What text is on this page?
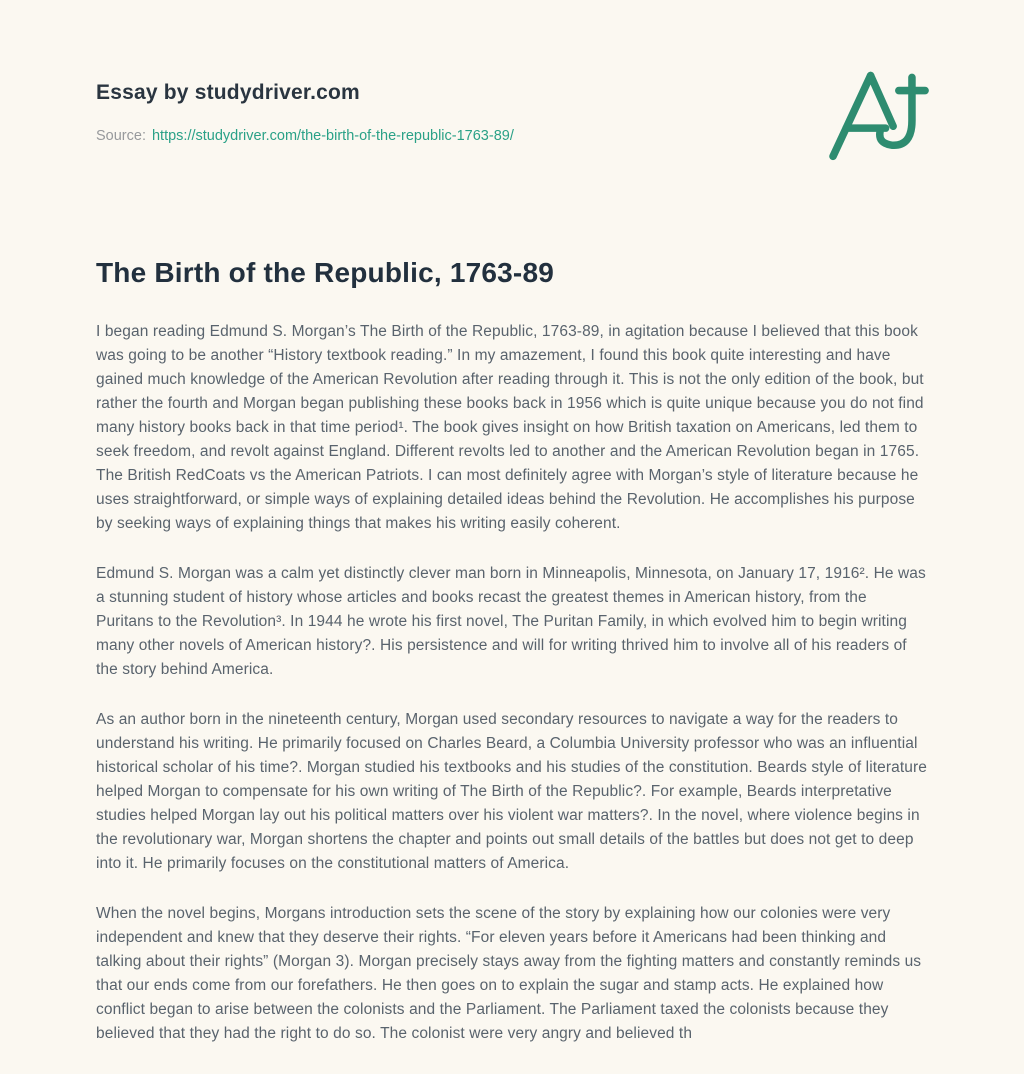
Essay by studydriver.com
Source: https://studydriver.com/the-birth-of-the-republic-1763-89/
The Birth of the Republic, 1763-89

I began reading Edmund S. Morgan’s The Birth of the Republic, 1763-89, in agitation because I believed that this book was going to be another “History textbook reading.” In my amazement, I found this book quite interesting and have gained much knowledge of the American Revolution after reading through it. This is not the only edition of the book, but rather the fourth and Morgan began publishing these books back in 1956 which is quite unique because you do not find many history books back in that time period¹. The book gives insight on how British taxation on Americans, led them to seek freedom, and revolt against England. Different revolts led to another and the American Revolution began in 1765. The British RedCoats vs the American Patriots. I can most definitely agree with Morgan’s style of literature because he uses straightforward, or simple ways of explaining detailed ideas behind the Revolution. He accomplishes his purpose by seeking ways of explaining things that makes his writing easily coherent.

Edmund S. Morgan was a calm yet distinctly clever man born in Minneapolis, Minnesota, on January 17, 1916². He was a stunning student of history whose articles and books recast the greatest themes in American history, from the Puritans to the Revolution³. In 1944 he wrote his first novel, The Puritan Family, in which evolved him to begin writing many other novels of American history?. His persistence and will for writing thrived him to involve all of his readers of the story behind America.

As an author born in the nineteenth century, Morgan used secondary resources to navigate a way for the readers to understand his writing. He primarily focused on Charles Beard, a Columbia University professor who was an influential historical scholar of his time?. Morgan studied his textbooks and his studies of the constitution. Beards style of literature helped Morgan to compensate for his own writing of The Birth of the Republic?. For example, Beards interpretative studies helped Morgan lay out his political matters over his violent war matters?. In the novel, where violence begins in the revolutionary war, Morgan shortens the chapter and points out small details of the battles but does not get to deep into it. He primarily focuses on the constitutional matters of America.

When the novel begins, Morgans introduction sets the scene of the story by explaining how our colonies were very independent and knew that they deserve their rights. “For eleven years before it Americans had been thinking and talking about their rights” (Morgan 3). Morgan precisely stays away from the fighting matters and constantly reminds us that our ends come from our forefathers. He then goes on to explain the sugar and stamp acts. He explained how conflict began to arise between the colonists and the Parliament. The Parliament taxed the colonists because they believed that they had the right to do so. The colonist were very angry and believed th
